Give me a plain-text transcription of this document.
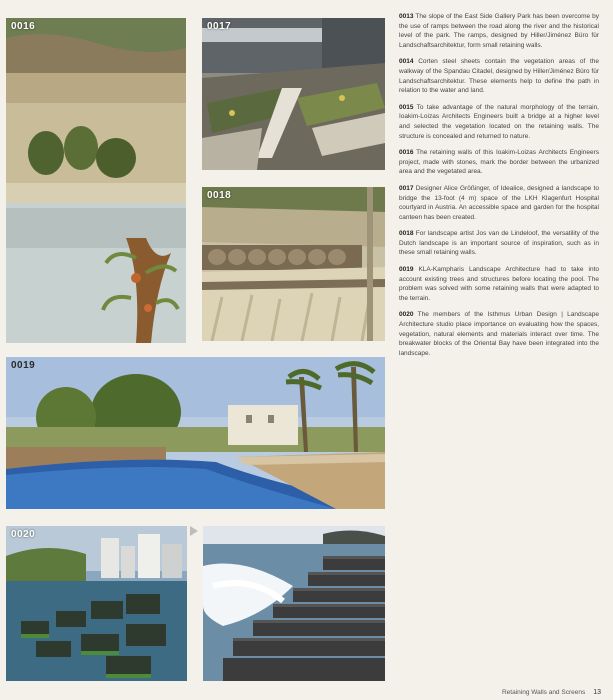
0016	0017
0018
0019
0020

0013 The slope of the East Side Gallery Park has been overcome by the use of ramps between the road along the river and the historical level of the park. The ramps, designed by Hiller/Jiménez Büro für Landschaftsarchitektur, form small retaining walls.

0014 Corten steel sheets contain the vegetation areas of the walkway of the Spandau Citadel, designed by Hiller/Jiménez Büro für Landschaftsarchitektur. These elements help to define the path in relation to the water and land.

0015 To take advantage of the natural morphology of the terrain, Ioakim-Loizas Architects Engineers built a bridge at a higher level and selected the vegetation located on the retaining walls. The structure is concealed and returned to nature.

0016 The retaining walls of this Ioakim-Loizas Architects Engineers project, made with stones, mark the border between the urbanized area and the vegetated area.

0017 Designer Alice Größinger, of Idealice, designed a landscape to bridge the 13-foot (4 m) space of the LKH Klagenfurt Hospital courtyard in Austria. An accessible space and garden for the hospital canteen has been created.

0018 For landscape artist Jos van de Lindeloof, the versatility of the Dutch landscape is an important source of inspiration, such as in these small retaining walls.

0019 KLA-Kampharis Landscape Architecture had to take into account existing trees and structures before locating the pool. The problem was solved with some retaining walls that were adapted to the terrain.

0020 The members of the Isthmus Urban Design | Landscape Architecture studio place importance on evaluating how the spaces, vegetation, natural elements and materials interact over time. The breakwater blocks of the Oriental Bay have been integrated into the landscape.

Retaining Walls and Screens 13
